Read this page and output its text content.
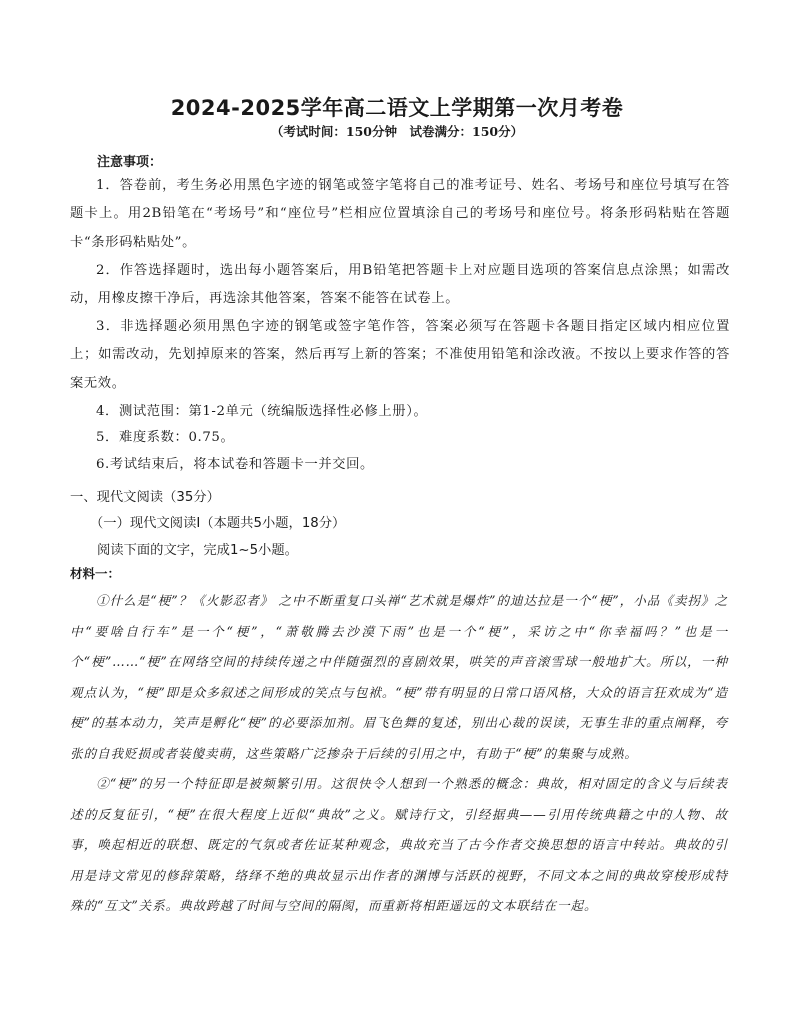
2024-2025学年高二语文上学期第一次月考卷
（考试时间：150分钟　试卷满分：150分）
注意事项：
1．答卷前，考生务必用黑色字迹的钢笔或签字笔将自己的准考证号、姓名、考场号和座位号填写在答题卡上。用2B铅笔在“考场号”和“座位号”栏相应位置填涂自己的考场号和座位号。将条形码粘贴在答题卡“条形码粘贴处”。
2．作答选择题时，选出每小题答案后，用B铅笔把答题卡上对应题目选项的答案信息点涂黑；如需改动，用橡皮擦干净后，再选涂其他答案，答案不能答在试卷上。
3．非选择题必须用黑色字迹的钢笔或签字笔作答，答案必须写在答题卡各题目指定区域内相应位置上；如需改动，先划掉原来的答案，然后再写上新的答案；不准使用铅笔和涂改液。不按以上要求作答的答案无效。
4．测试范围：第1-2单元（统编版选择性必修上册）。
5．难度系数：0.75。
6.考试结束后，将本试卷和答题卡一并交回。
一、现代文阅读（35分）
（一）现代文阅读Ⅰ（本题共5小题，18分）
阅读下面的文字，完成1~5小题。
材料一：
①什么是“梗”？《火影忍者》 之中不断重复口头禅“艺术就是爆炸”的迪达拉是一个“梗”，小品《卖拐》之中“要啥自行车”是一个“梗”，“萧敬腾去沙漠下雨”也是一个“梗”，采访之中“你幸福吗？”也是一个“梗”……“梗”在网络空间的持续传递之中伴随强烈的喜剧效果，哄笑的声音滚雪球一般地扩大。所以，一种观点认为，“梗”即是众多叙述之间形成的笑点与包袱。“梗”带有明显的日常口语风格，大众的语言狂欢成为“造梗”的基本动力，笑声是孵化“梗”的必要添加剂。眉飞色舞的复述，别出心裁的误读，无事生非的重点阐释，夸张的自我贬损或者装傻卖萌，这些策略广泛掺杂于后续的引用之中，有助于“梗”的集聚与成熟。
②“梗”的另一个特征即是被频繁引用。这很快令人想到一个熟悉的概念：典故，相对固定的含义与后续表述的反复征引，“梗”在很大程度上近似“典故”之义。赋诗行文，引经据典——引用传统典籍之中的人物、故事，唤起相近的联想、既定的气氛或者佐证某种观念，典故充当了古今作者交换思想的语言中转站。典故的引用是诗文常见的修辞策略，络绎不绝的典故显示出作者的渊博与活跃的视野，不同文本之间的典故穿梭形成特殊的“互文”关系。典故跨越了时间与空间的隔阂，而重新将相距遥远的文本联结在一起。
